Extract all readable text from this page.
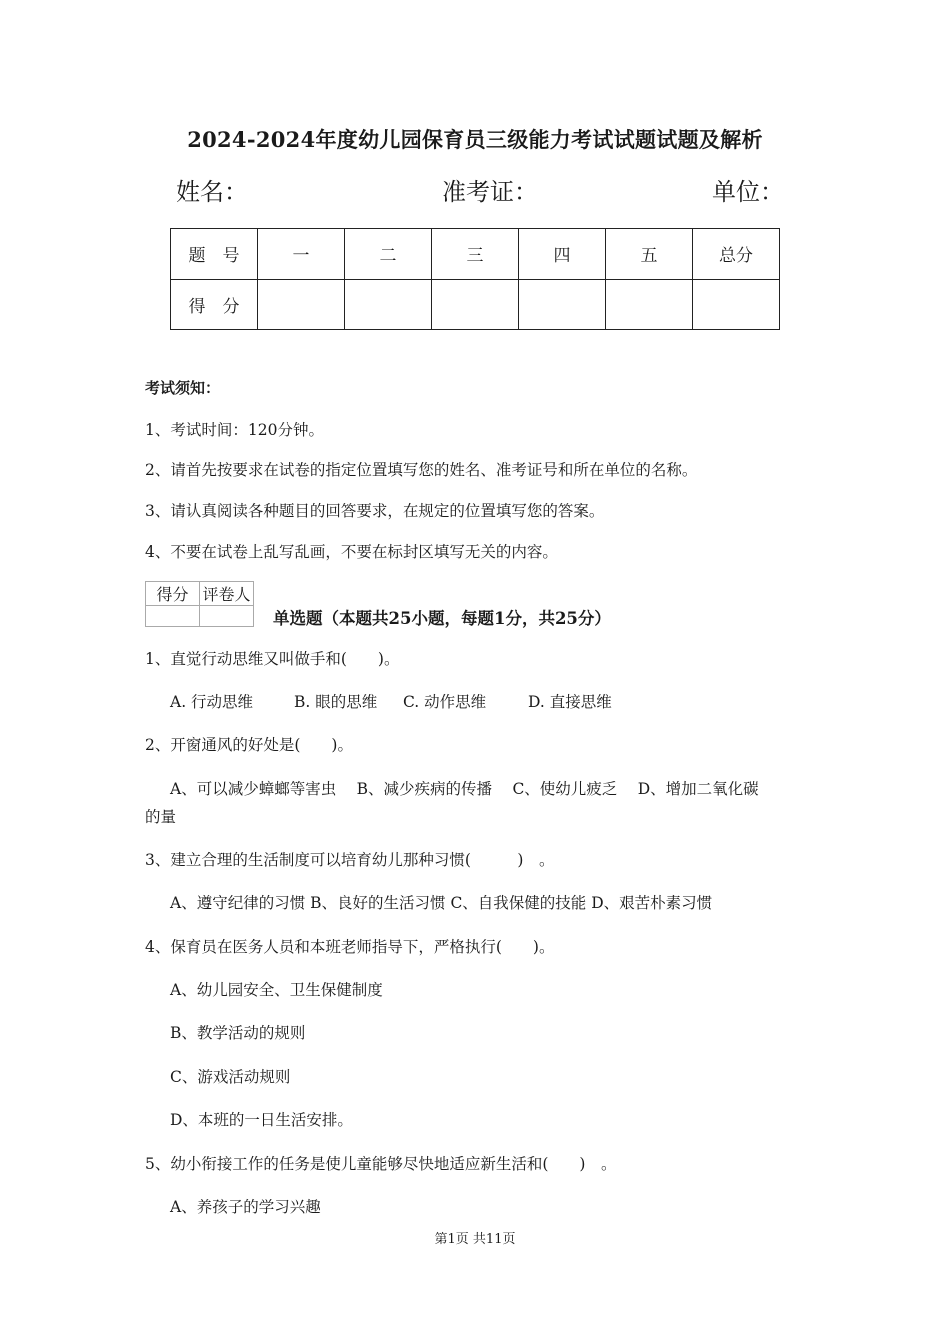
2024-2024年度幼儿园保育员三级能力考试试题试题及解析
姓名：	准考证：	单位：
题　号	一	二	三	四	五	总分
得　分						
考试须知：
1、考试时间：120分钟。
2、请首先按要求在试卷的指定位置填写您的姓名、准考证号和所在单位的名称。
3、请认真阅读各种题目的回答要求，在规定的位置填写您的答案。
4、不要在试卷上乱写乱画，不要在标封区填写无关的内容。
得分	评卷人

单选题（本题共25小题，每题1分，共25分）
1、直觉行动思维又叫做手和(　　)。
A. 行动思维	B. 眼的思维 C. 动作思维	D. 直接思维
2、开窗通风的好处是(　　)。
A、可以减少蟑螂等害虫　 B、减少疾病的传播　 C、使幼儿疲乏　 D、增加二氧化碳
的量
3、建立合理的生活制度可以培育幼儿那种习惯(　　　)　。
A、遵守纪律的习惯 B、良好的生活习惯 C、自我保健的技能 D、艰苦朴素习惯
4、保育员在医务人员和本班老师指导下，严格执行(　　)。
A、幼儿园安全、卫生保健制度
B、教学活动的规则
C、游戏活动规则
D、本班的一日生活安排。
5、幼小衔接工作的任务是使儿童能够尽快地适应新生活和(　　)　。
A、养孩子的学习兴趣
第1页 共11页
